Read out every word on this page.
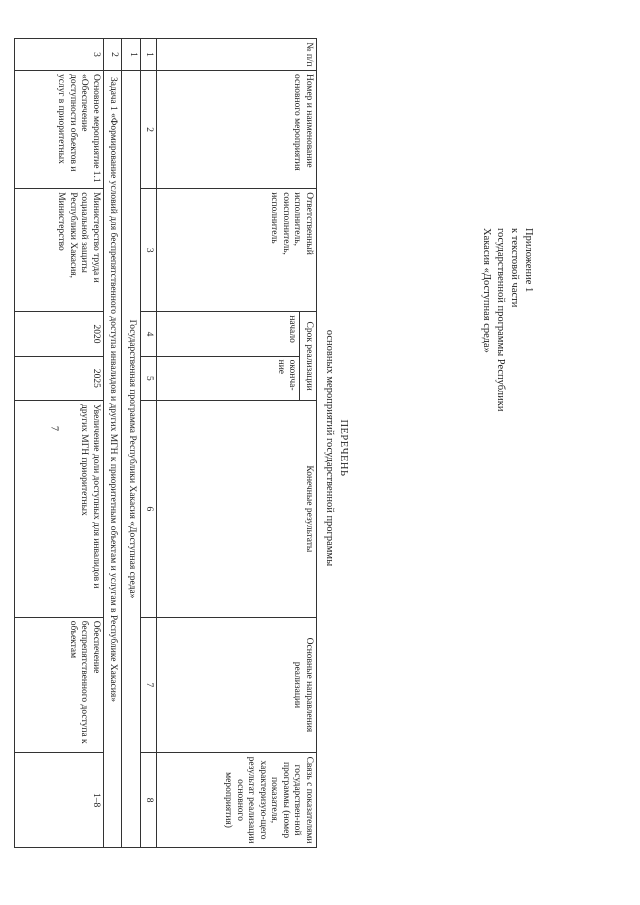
7
Приложение 1
к текстовой части
государственной программы Республики
Хакасия «Доступная среда»
ПЕРЕЧЕНЬ
основных мероприятий государственной программы
№ п/п	Номер и наименование основного мероприятия	Ответственный исполнитель, соисполнитель, исполнитель	Срок реализации		Конечные результаты	Основные направления реализации	Связь с показателями государствен-ной программы (номер показателя, характеризую-щего результат реализации основного мероприятия)
			начало	оконча-ние			
1	2	3	4	5	6	7	8
1	Государственная программа Республики Хакасия «Доступная среда»						
2	Задача 1 «Формирование условий для беспрепятственного доступа инвалидов и других МГН к приоритетным объектам и услугам в Республике Хакасия»						
3	Основное мероприятие 1.1 «Обеспечение доступности объектов и услуг в приоритетных	Министерство труда и социальной защиты Республики Хакасия, Министерство	2020	2025	Увеличение доли доступных для инвалидов и других МГН приоритетных	Обеспечение беспрепятственного доступа к объектам	1–8
